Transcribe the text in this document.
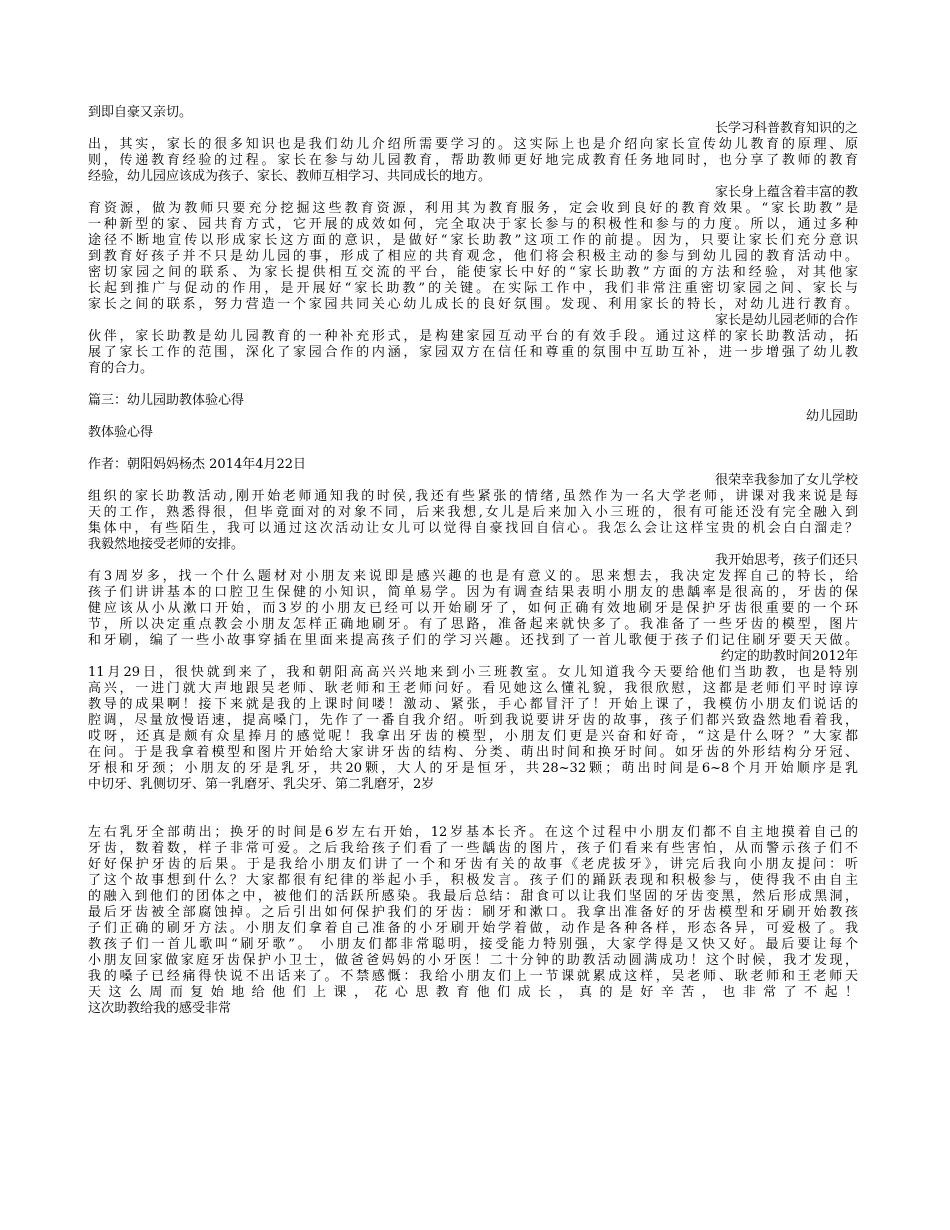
到即自豪又亲切。
长学习科普教育知识的之
出，其实，家长的很多知识也是我们幼儿介绍所需要学习的。这实际上也是介绍向家长宣传幼儿教育的原理、原
则，传递教育经验的过程。家长在参与幼儿园教育，帮助教师更好地完成教育任务地同时，也分享了教师的教育
经验，幼儿园应该成为孩子、家长、教师互相学习、共同成长的地方。
家长身上蕴含着丰富的教
育资源，做为教师只要充分挖掘这些教育资源，利用其为教育服务，定会收到良好的教育效果。“家长助教”是
一种新型的家、园共育方式，它开展的成效如何，完全取决于家长参与的积极性和参与的力度。所以，通过多种
途径不断地宣传以形成家长这方面的意识，是做好“家长助教”这项工作的前提。因为，只要让家长们充分意识
到教育好孩子并不只是幼儿园的事，形成了相应的共育观念，他们将会积极主动的参与到幼儿园的教育活动中。
密切家园之间的联系、为家长提供相互交流的平台，能使家长中好的“家长助教”方面的方法和经验，对其他家
长起到推广与促动的作用，是开展好“家长助教”的关键。在实际工作中，我们非常注重密切家园之间、家长与
家长之间的联系，努力营造一个家园共同关心幼儿成长的良好氛围。发现、利用家长的特长，对幼儿进行教育。
家长是幼儿园老师的合作
伙伴，家长助教是幼儿园教育的一种补充形式，是构建家园互动平台的有效手段。通过这样的家长助教活动，拓
展了家长工作的范围，深化了家园合作的内涵，家园双方在信任和尊重的氛围中互助互补，进一步增强了幼儿教
育的合力。
篇三：幼儿园助教体验心得
幼儿园助
教体验心得
作者：朝阳妈妈杨杰 2014年4月22日
很荣幸我参加了女儿学校
组织的家长助教活动,刚开始老师通知我的时侯,我还有些紧张的情绪,虽然作为一名大学老师，讲课对我来说是每
天的工作，熟悉得很，但毕竟面对的对象不同，后来我想,女儿是后来加入小三班的，很有可能还没有完全融入到
集体中，有些陌生，我可以通过这次活动让女儿可以觉得自豪找回自信心。我怎么会让这样宝贵的机会白白溜走？
我毅然地接受老师的安排。
我开始思考，孩子们还只
有3周岁多，找一个什么题材对小朋友来说即是感兴趣的也是有意义的。思来想去，我决定发挥自己的特长，给
孩子们讲讲基本的口腔卫生保健的小知识，简单易学。因为有调查结果表明小朋友的患龋率是很高的，牙齿的保
健应该从小从漱口开始，而3岁的小朋友已经可以开始刷牙了，如何正确有效地刷牙是保护牙齿很重要的一个环
节，所以决定重点教会小朋友怎样正确地刷牙。有了思路，准备起来就快多了。我准备了一些牙齿的模型，图片
和牙刷，编了一些小故事穿插在里面来提高孩子们的学习兴趣。还找到了一首儿歌便于孩子们记住刷牙要天天做。
约定的助教时间2012年
11月29日，很快就到来了，我和朝阳高高兴兴地来到小三班教室。女儿知道我今天要给他们当助教，也是特别
高兴，一进门就大声地跟吴老师、耿老师和王老师问好。看见她这么懂礼貌，我很欣慰，这都是老师们平时谆谆
教导的成果啊！接下来就是我的上课时间喽！激动、紧张，手心都冒汗了！开始上课了，我模仿小朋友们说话的
腔调，尽量放慢语速，提高嗓门，先作了一番自我介绍。听到我说要讲牙齿的故事，孩子们都兴致盎然地看着我，
哎呀，还真是颇有众星捧月的感觉呢！我拿出牙齿的模型，小朋友们更是兴奋和好奇，“这是什么呀？”大家都
在问。于是我拿着模型和图片开始给大家讲牙齿的结构、分类、萌出时间和换牙时间。如牙齿的外形结构分牙冠、
牙根和牙颈；小朋友的牙是乳牙，共20颗，大人的牙是恒牙，共28~32颗；萌出时间是6~8个月开始顺序是乳
中切牙、乳侧切牙、第一乳磨牙、乳尖牙、第二乳磨牙，2岁
左右乳牙全部萌出；换牙的时间是6岁左右开始，12岁基本长齐。在这个过程中小朋友们都不自主地摸着自己的
牙齿，数着数，样子非常可爱。之后我给孩子们看了一些龋齿的图片，孩子们看来有些害怕，从而警示孩子们不
好好保护牙齿的后果。于是我给小朋友们讲了一个和牙齿有关的故事《老虎拔牙》，讲完后我向小朋友提问：听
了这个故事想到什么？大家都很有纪律的举起小手，积极发言。孩子们的踊跃表现和积极参与，使得我不由自主
的融入到他们的团体之中，被他们的活跃所感染。我最后总结：甜食可以让我们坚固的牙齿变黑，然后形成黑洞，
最后牙齿被全部腐蚀掉。之后引出如何保护我们的牙齿：刷牙和漱口。我拿出准备好的牙齿模型和牙刷开始教孩
子们正确的刷牙方法。小朋友们拿着自己准备的小牙刷开始学着做，动作是各种各样，形态各异，可爱极了。我
教孩子们一首儿歌叫“刷牙歌”。 小朋友们都非常聪明，接受能力特别强，大家学得是又快又好。最后要让每个
小朋友回家做家庭牙齿保护小卫士，做爸爸妈妈的小牙医！二十分钟的助教活动圆满成功！这个时候，我才发现，
我的嗓子已经痛得快说不出话来了。不禁感慨：我给小朋友们上一节课就累成这样，吴老师、耿老师和王老师天
天这么周而复始地给他们上课，花心思教育他们成长，真的是好辛苦，也非常了不起！
这次助教给我的感受非常
